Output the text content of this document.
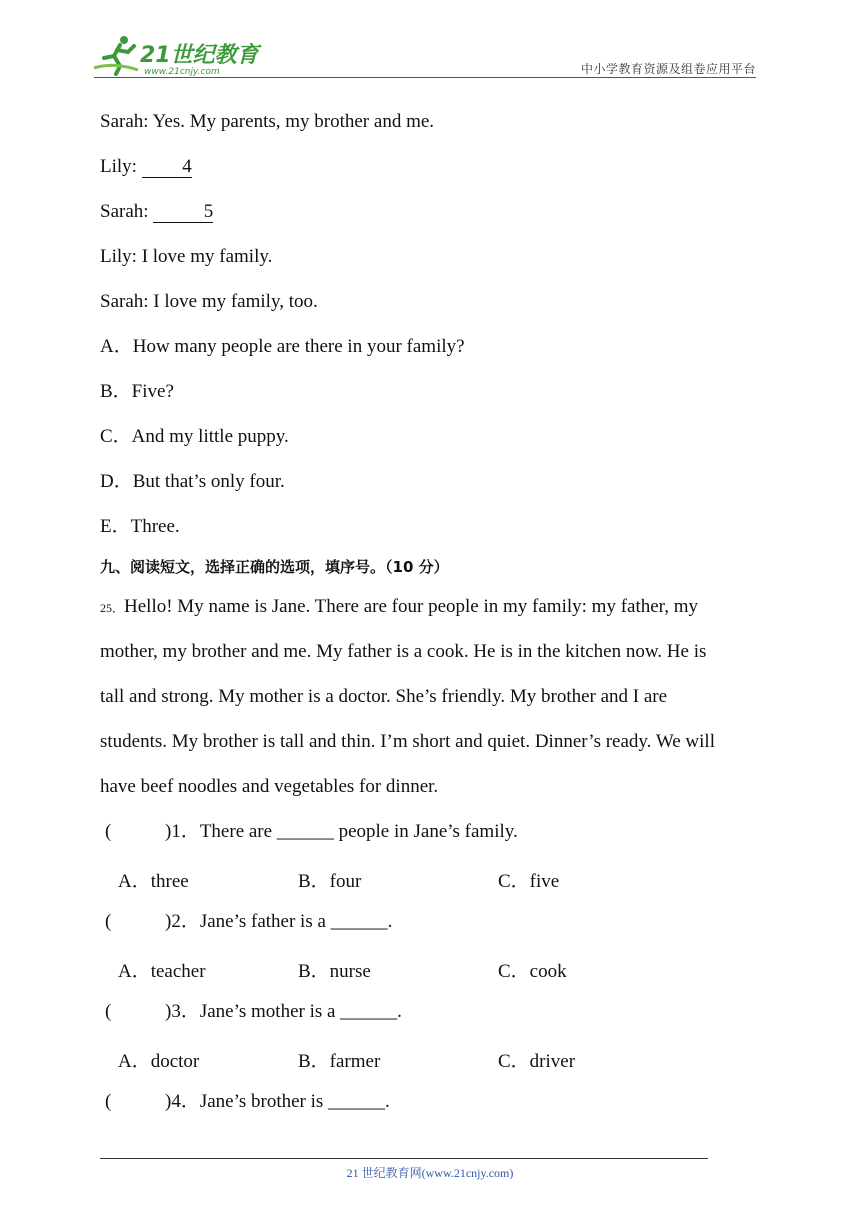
21世纪教育
www.21cnjy.com	中小学教育资源及组卷应用平台
Sarah: Yes. My parents, my brother and me.
Lily: 4
Sarah:	5
Lily: I love my family.
Sarah: I love my family, too.
A．How many people are there in your family?
B．Five?
C．And my little puppy.
D．But that’s only four.
E．Three.
九、阅读短文，选择正确的选项，填序号。（10 分）
25．Hello! My name is Jane. There are four people in my family: my father, my
mother, my brother and me. My father is a cook. He is in the kitchen now. He is
tall and strong. My mother is a doctor. She’s friendly. My brother and I are
students. My brother is tall and thin. I’m short and quiet. Dinner’s ready. We will
have beef noodles and vegetables for dinner.
(	)1．There are ______ people in Jane’s family.
A．three	B．four	C．five
(	)2．Jane’s father is a ______.
A．teacher	B．nurse	C．cook
(	)3．Jane’s mother is a ______.
A．doctor	B．farmer	C．driver
(	)4．Jane’s brother is ______.
21 世纪教育网(www.21cnjy.com)
